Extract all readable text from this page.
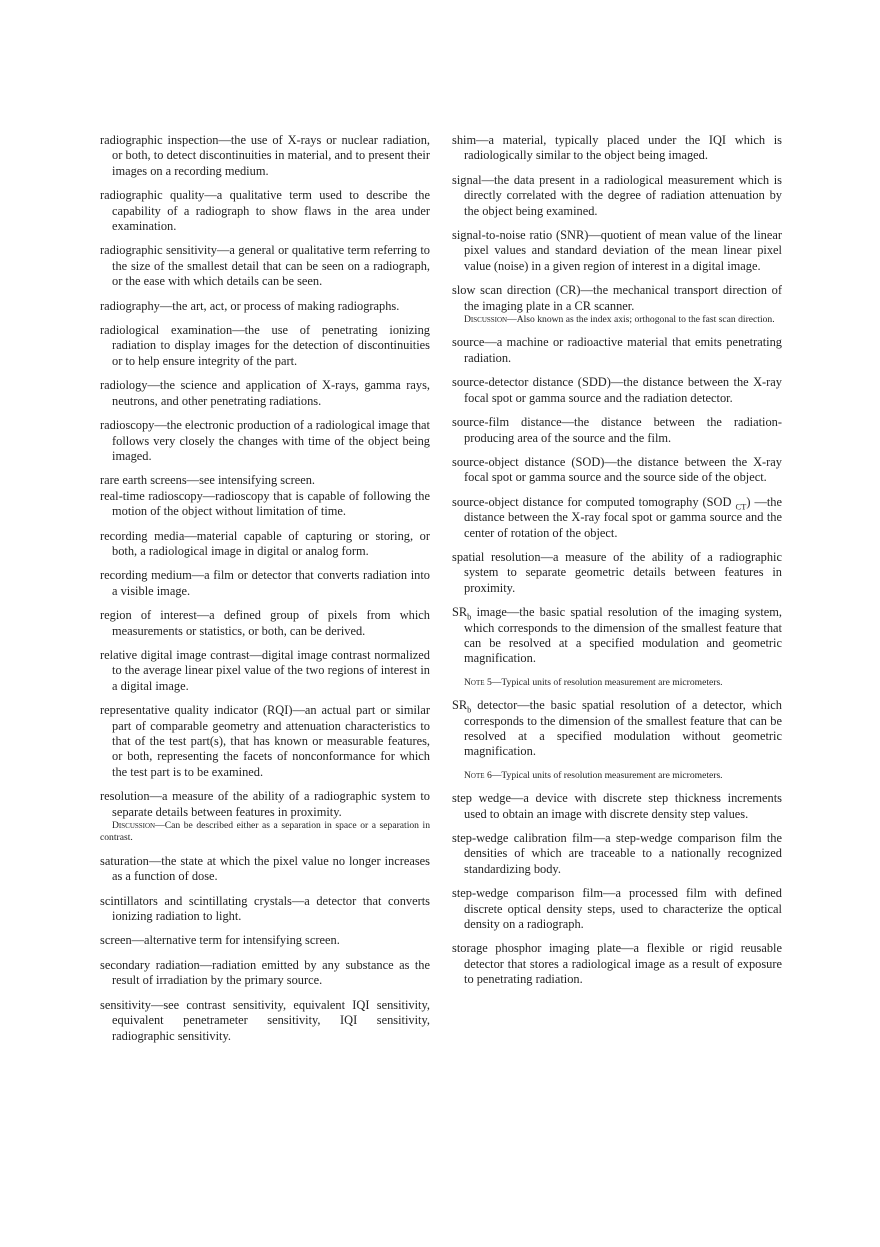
radiographic inspection—the use of X-rays or nuclear radiation, or both, to detect discontinuities in material, and to present their images on a recording medium.

radiographic quality—a qualitative term used to describe the capability of a radiograph to show flaws in the area under examination.

radiographic sensitivity—a general or qualitative term referring to the size of the smallest detail that can be seen on a radiograph, or the ease with which details can be seen.

radiography—the art, act, or process of making radiographs.

radiological examination—the use of penetrating ionizing radiation to display images for the detection of discontinuities or to help ensure integrity of the part.

radiology—the science and application of X-rays, gamma rays, neutrons, and other penetrating radiations.

radioscopy—the electronic production of a radiological image that follows very closely the changes with time of the object being imaged.

rare earth screens—see intensifying screen.

real-time radioscopy—radioscopy that is capable of following the motion of the object without limitation of time.

recording media—material capable of capturing or storing, or both, a radiological image in digital or analog form.

recording medium—a film or detector that converts radiation into a visible image.

region of interest—a defined group of pixels from which measurements or statistics, or both, can be derived.

relative digital image contrast—digital image contrast normalized to the average linear pixel value of the two regions of interest in a digital image.

representative quality indicator (RQI)—an actual part or similar part of comparable geometry and attenuation characteristics to that of the test part(s), that has known or measurable features, or both, representing the facets of nonconformance for which the test part is to be examined.

resolution—a measure of the ability of a radiographic system to separate details between features in proximity.

Discussion—Can be described either as a separation in space or a separation in contrast.

saturation—the state at which the pixel value no longer increases as a function of dose.

scintillators and scintillating crystals—a detector that converts ionizing radiation to light.

screen—alternative term for intensifying screen.

secondary radiation—radiation emitted by any substance as the result of irradiation by the primary source.

sensitivity—see contrast sensitivity, equivalent IQI sensitivity, equivalent penetrameter sensitivity, IQI sensitivity, radiographic sensitivity.

shim—a material, typically placed under the IQI which is radiologically similar to the object being imaged.

signal—the data present in a radiological measurement which is directly correlated with the degree of radiation attenuation by the object being examined.

signal-to-noise ratio (SNR)—quotient of mean value of the linear pixel values and standard deviation of the mean linear pixel value (noise) in a given region of interest in a digital image.

slow scan direction (CR)—the mechanical transport direction of the imaging plate in a CR scanner.

Discussion—Also known as the index axis; orthogonal to the fast scan direction.

source—a machine or radioactive material that emits penetrating radiation.

source-detector distance (SDD)—the distance between the X-ray focal spot or gamma source and the radiation detector.

source-film distance—the distance between the radiation-producing area of the source and the film.

source-object distance (SOD)—the distance between the X-ray focal spot or gamma source and the source side of the object.

source-object distance for computed tomography (SOD $_{CT}$) ––the distance between the X-ray focal spot or gamma source and the center of rotation of the object.

spatial resolution—a measure of the ability of a radiographic system to separate geometric details between features in proximity.

$SR_b$ image—the basic spatial resolution of the imaging system, which corresponds to the dimension of the smallest feature that can be resolved at a specified modulation and geometric magnification.

Note 5—Typical units of resolution measurement are micrometers.

$SR_b$ detector—the basic spatial resolution of a detector, which corresponds to the dimension of the smallest feature that can be resolved at a specified modulation without geometric magnification.

Note 6—Typical units of resolution measurement are micrometers.

step wedge—a device with discrete step thickness increments used to obtain an image with discrete density step values.

step-wedge calibration film—a step-wedge comparison film the densities of which are traceable to a nationally recognized standardizing body.

step-wedge comparison film—a processed film with defined discrete optical density steps, used to characterize the optical density on a radiograph.

storage phosphor imaging plate—a flexible or rigid reusable detector that stores a radiological image as a result of exposure to penetrating radiation.
